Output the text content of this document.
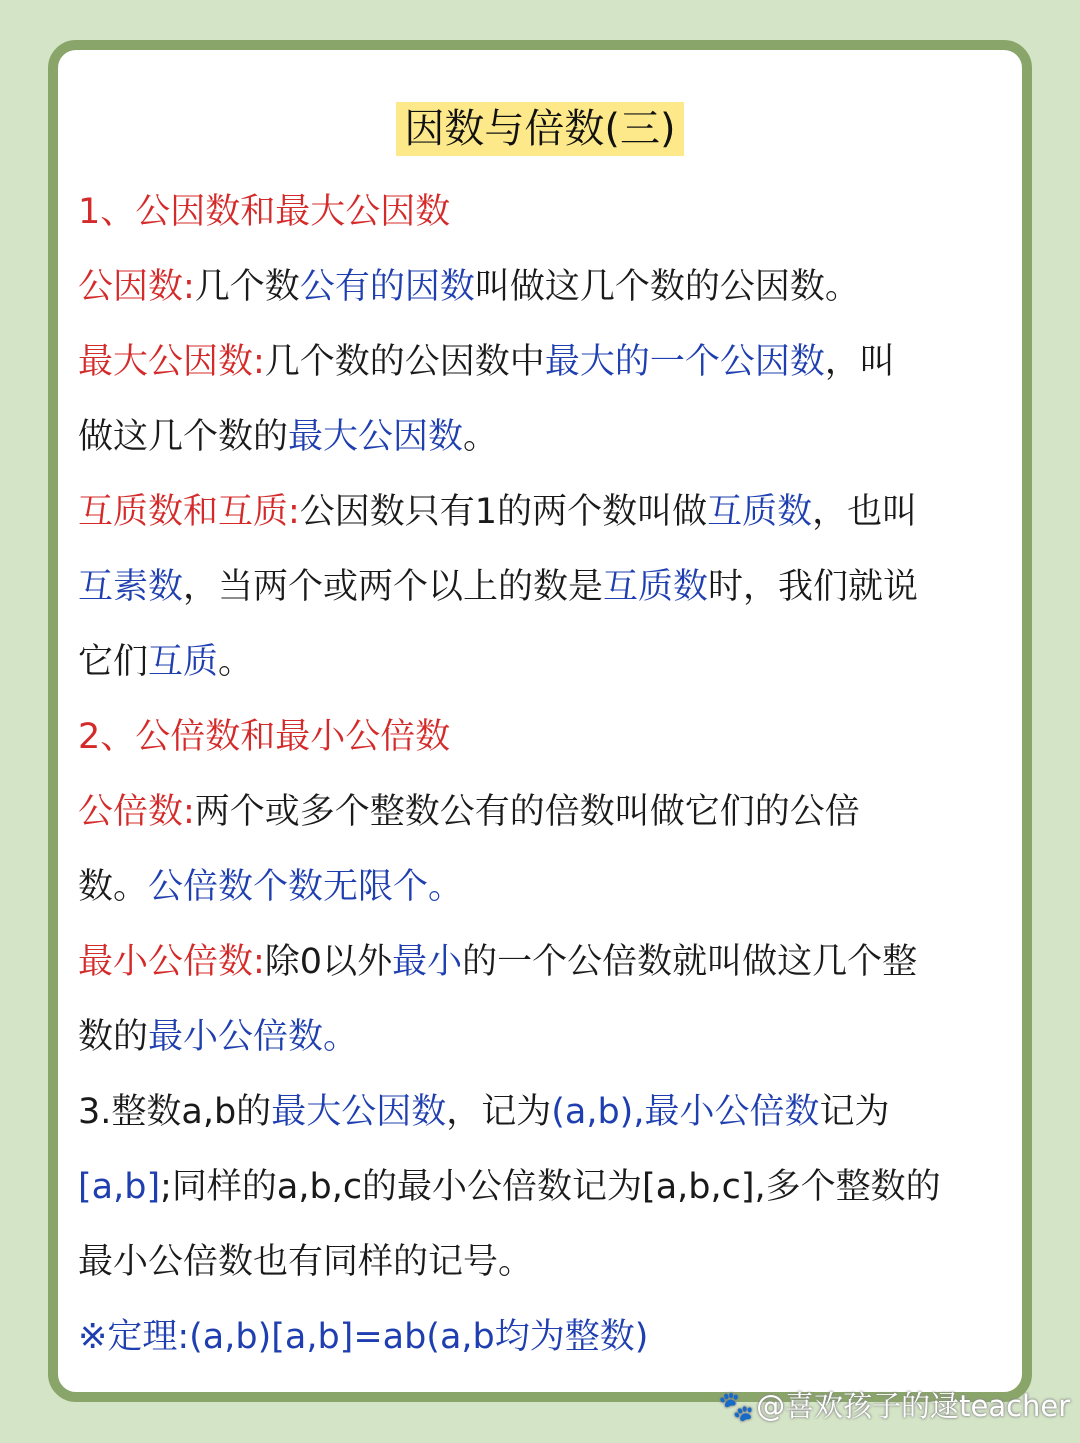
因数与倍数(三)
1、公因数和最大公因数
公因数:几个数公有的因数叫做这几个数的公因数。
最大公因数:几个数的公因数中最大的一个公因数，叫
做这几个数的最大公因数。
互质数和互质:公因数只有1的两个数叫做互质数，也叫
互素数，当两个或两个以上的数是互质数时，我们就说
它们互质。
2、公倍数和最小公倍数
公倍数:两个或多个整数公有的倍数叫做它们的公倍
数。公倍数个数无限个。
最小公倍数:除0以外最小的一个公倍数就叫做这几个整
数的最小公倍数。
3.整数a,b的最大公因数，记为(a,b),最小公倍数记为
[a,b];同样的a,b,c的最小公倍数记为[a,b,c],多个整数的
最小公倍数也有同样的记号。
※定理:(a,b)[a,b]=ab(a,b均为整数)
🐾@喜欢孩子的逯teacher
